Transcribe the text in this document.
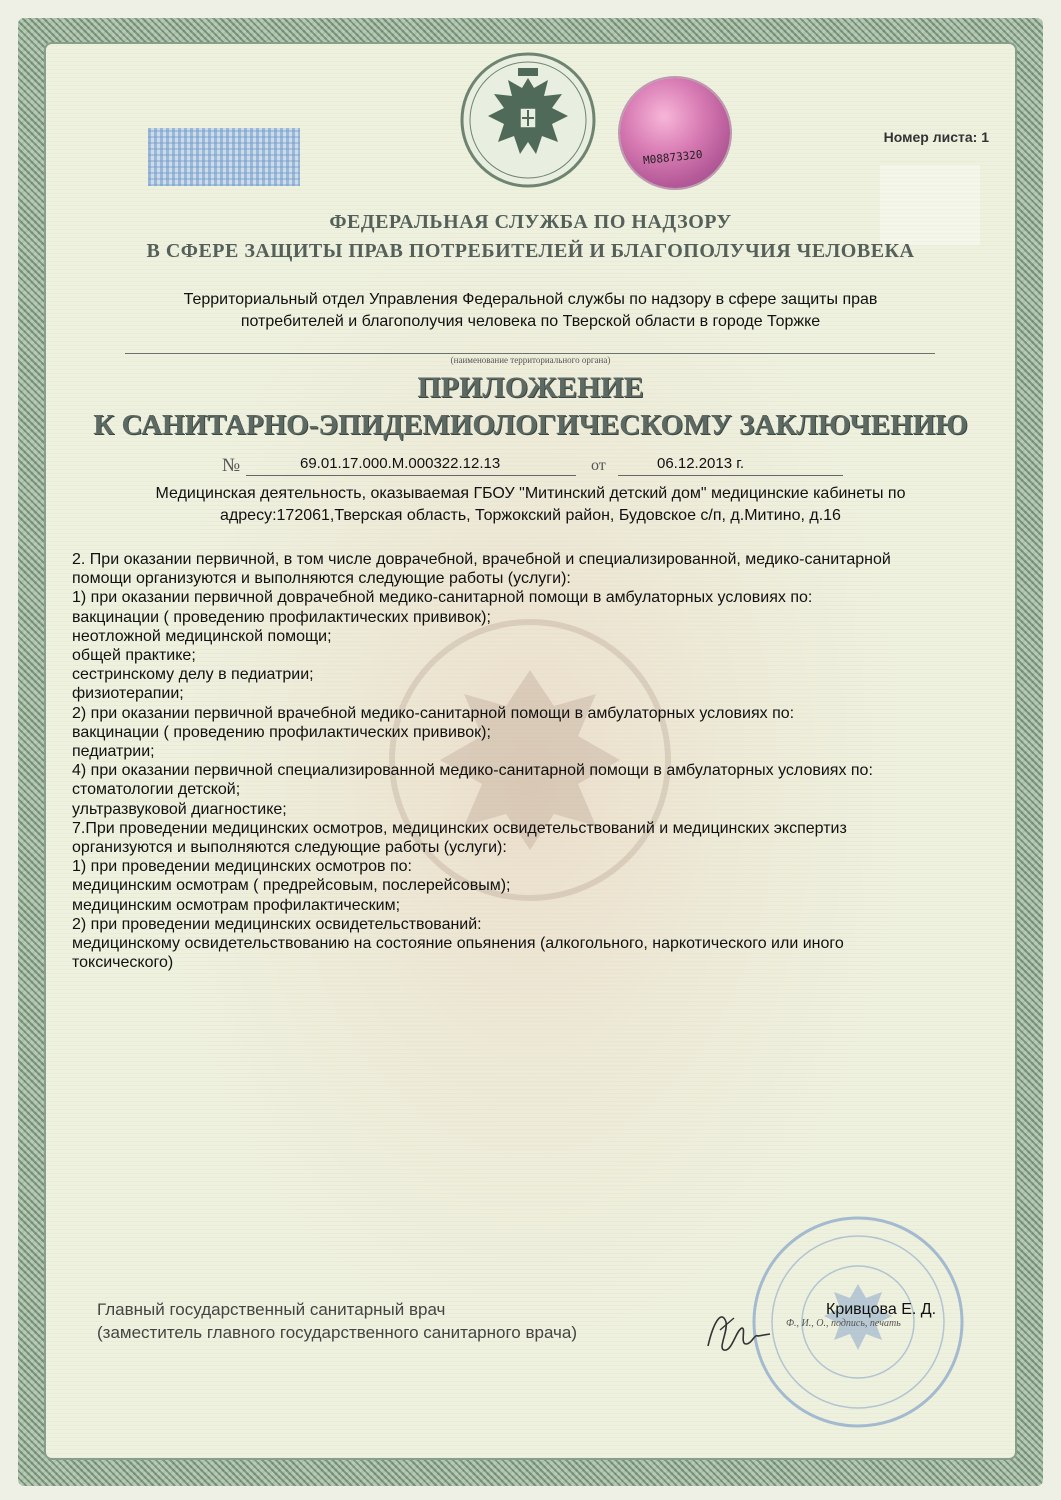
M08873320
Номер листа: 1
ФЕДЕРАЛЬНАЯ СЛУЖБА ПО НАДЗОРУ
В СФЕРЕ ЗАЩИТЫ ПРАВ ПОТРЕБИТЕЛЕЙ И БЛАГОПОЛУЧИЯ ЧЕЛОВЕКА
Территориальный отдел Управления Федеральной службы по надзору в сфере защиты прав
потребителей и благополучия человека по Тверской области в городе Торжке
(наименование территориального органа)
ПРИЛОЖЕНИЕ
К САНИТАРНО-ЭПИДЕМИОЛОГИЧЕСКОМУ ЗАКЛЮЧЕНИЮ
№	69.01.17.000.М.000322.12.13	от	06.12.2013 г.
Медицинская деятельность, оказываемая ГБОУ "Митинский детский дом" медицинские кабинеты по
адресу:172061,Тверская область, Торжокский район, Будовское с/п, д.Митино, д.16
2. При оказании первичной, в том числе доврачебной, врачебной и специализированной, медико-санитарной
помощи организуются и выполняются следующие работы (услуги):
1) при оказании первичной доврачебной медико-санитарной помощи в амбулаторных условиях по:
вакцинации ( проведению профилактических прививок);
неотложной медицинской помощи;
общей практике;
сестринскому делу в педиатрии;
физиотерапии;
2) при оказании первичной врачебной медико-санитарной помощи в амбулаторных условиях по:
вакцинации ( проведению профилактических прививок);
педиатрии;
4) при оказании первичной специализированной медико-санитарной помощи в амбулаторных условиях по:
стоматологии детской;
ультразвуковой диагностике;
7.При проведении медицинских осмотров, медицинских освидетельствований и медицинских экспертиз
организуются и выполняются следующие работы (услуги):
1) при проведении медицинских осмотров по:
медицинским осмотрам ( предрейсовым, послерейсовым);
медицинским осмотрам профилактическим;
2) при проведении медицинских освидетельствований:
медицинскому освидетельствованию на состояние опьянения (алкогольного, наркотического или иного
токсического)
Главный государственный санитарный врач
(заместитель главного государственного санитарного врача)
Кривцова Е. Д.
Ф., И., О., подпись, печать
